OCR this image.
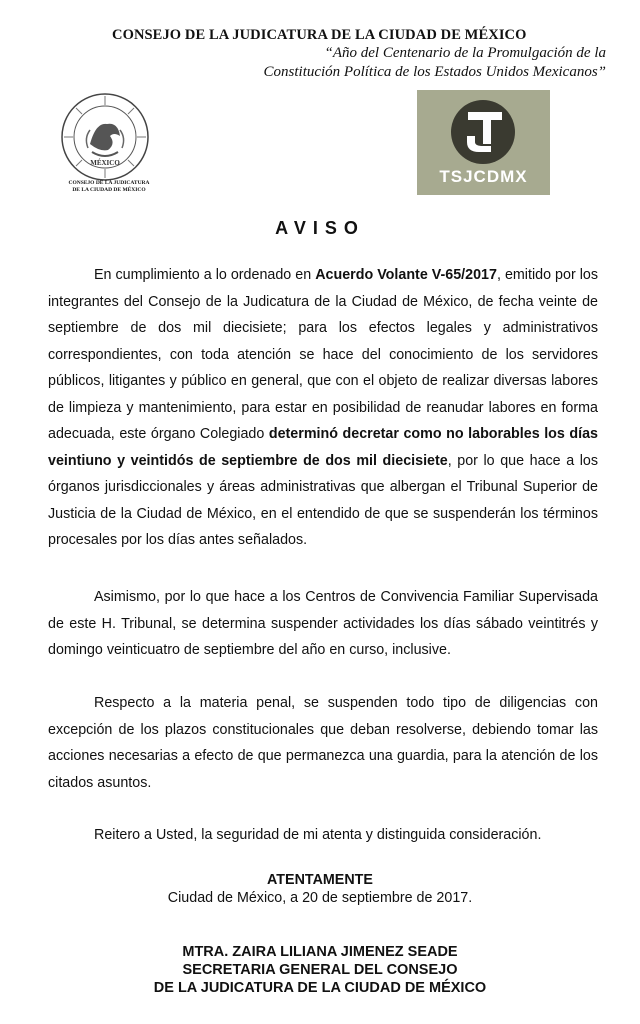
CONSEJO DE LA JUDICATURA DE LA CIUDAD DE MÉXICO
“Año del Centenario de la Promulgación de la
Constitución Política de los Estados Unidos Mexicanos”
MÉXICO
CONSEJO DE LA JUDICATURA
DE LA CIUDAD DE MÉXICO
TSJCDMX
AVISO
En cumplimiento a lo ordenado en Acuerdo Volante V-65/2017, emitido por los integrantes del Consejo de la Judicatura de la Ciudad de México, de fecha veinte de septiembre de dos mil diecisiete; para los efectos legales y administrativos correspondientes, con toda atención se hace del conocimiento de los servidores públicos, litigantes y público en general, que con el objeto de realizar diversas labores de limpieza y mantenimiento, para estar en posibilidad de reanudar labores en forma adecuada, este órgano Colegiado determinó decretar como no laborables los días veintiuno y veintidós de septiembre de dos mil diecisiete, por lo que hace a los órganos jurisdiccionales y áreas administrativas que albergan el Tribunal Superior de Justicia de la Ciudad de México, en el entendido de que se suspenderán los términos procesales por los días antes señalados.
Asimismo, por lo que hace a los Centros de Convivencia Familiar Supervisada de este H. Tribunal, se determina suspender actividades los días sábado veintitrés y domingo veinticuatro de septiembre del año en curso, inclusive.
Respecto a la materia penal, se suspenden todo tipo de diligencias con excepción de los plazos constitucionales que deban resolverse, debiendo tomar las acciones necesarias a efecto de que permanezca una guardia, para la atención de los citados asuntos.
Reitero a Usted, la seguridad de mi atenta y distinguida consideración.
ATENTAMENTE
Ciudad de México, a 20 de septiembre de 2017.
MTRA. ZAIRA LILIANA JIMENEZ SEADE
SECRETARIA GENERAL DEL CONSEJO
DE LA JUDICATURA DE LA CIUDAD DE MÉXICO
